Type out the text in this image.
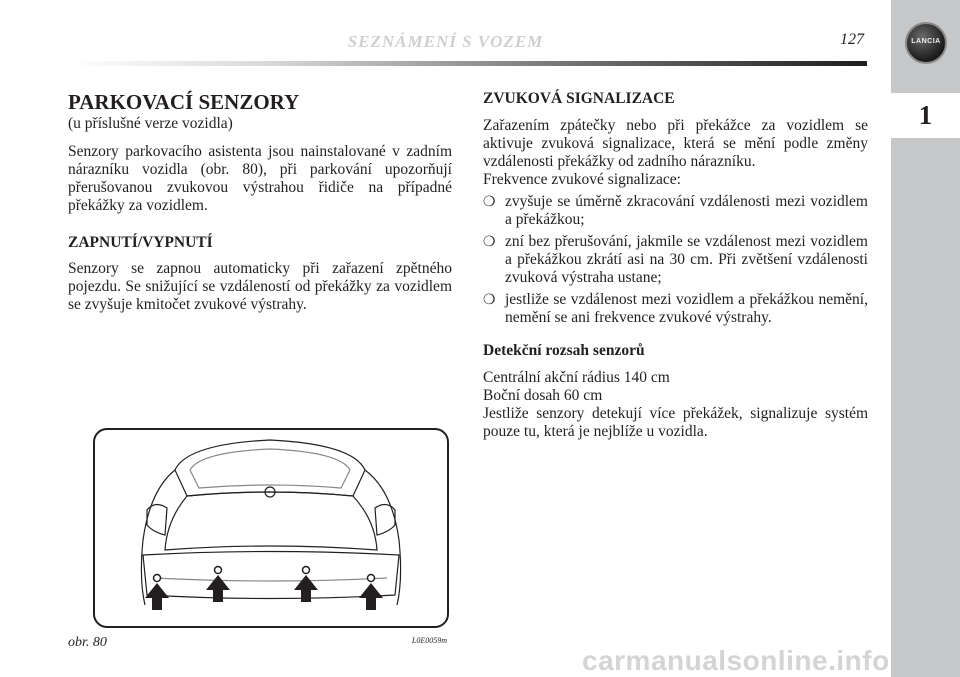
LANCIA
1
SEZNÁMENÍ S VOZEM	127

PARKOVACÍ SENZORY

(u příslušné verze vozidla)

Senzory parkovacího asistenta jsou nainstalované v zadním nárazníku vozidla (obr. 80), při parkování upozorňují přerušovanou zvukovou výstrahou řidiče na případné překážky za vozidlem.

ZAPNUTÍ/VYPNUTÍ

Senzory se zapnou automaticky při zařazení zpětného pojezdu. Se snižující se vzdáleností od překážky za vozidlem se zvyšuje kmitočet zvukové výstrahy.

ZVUKOVÁ SIGNALIZACE

Zařazením zpátečky nebo při překážce za vozidlem se aktivuje zvuková signalizace, která se mění podle změny vzdálenosti překážky od zadního nárazníku.

Frekvence zvukové signalizace:

❍ zvyšuje se úměrně zkracování vzdálenosti mezi vozidlem a překážkou;
❍ zní bez přerušování, jakmile se vzdálenost mezi vozidlem a překážkou zkrátí asi na 30 cm. Při zvětšení vzdálenosti zvuková výstraha ustane;
❍ jestliže se vzdálenost mezi vozidlem a překážkou nemění, nemění se ani frekvence zvukové výstrahy.

Detekční rozsah senzorů

Centrální akční rádius 140 cm

Boční dosah 60 cm

Jestliže senzory detekují více překážek, signalizuje systém pouze tu, která je nejblíže u vozidla.

obr. 80	L0E0059m
carmanualsonline.info
